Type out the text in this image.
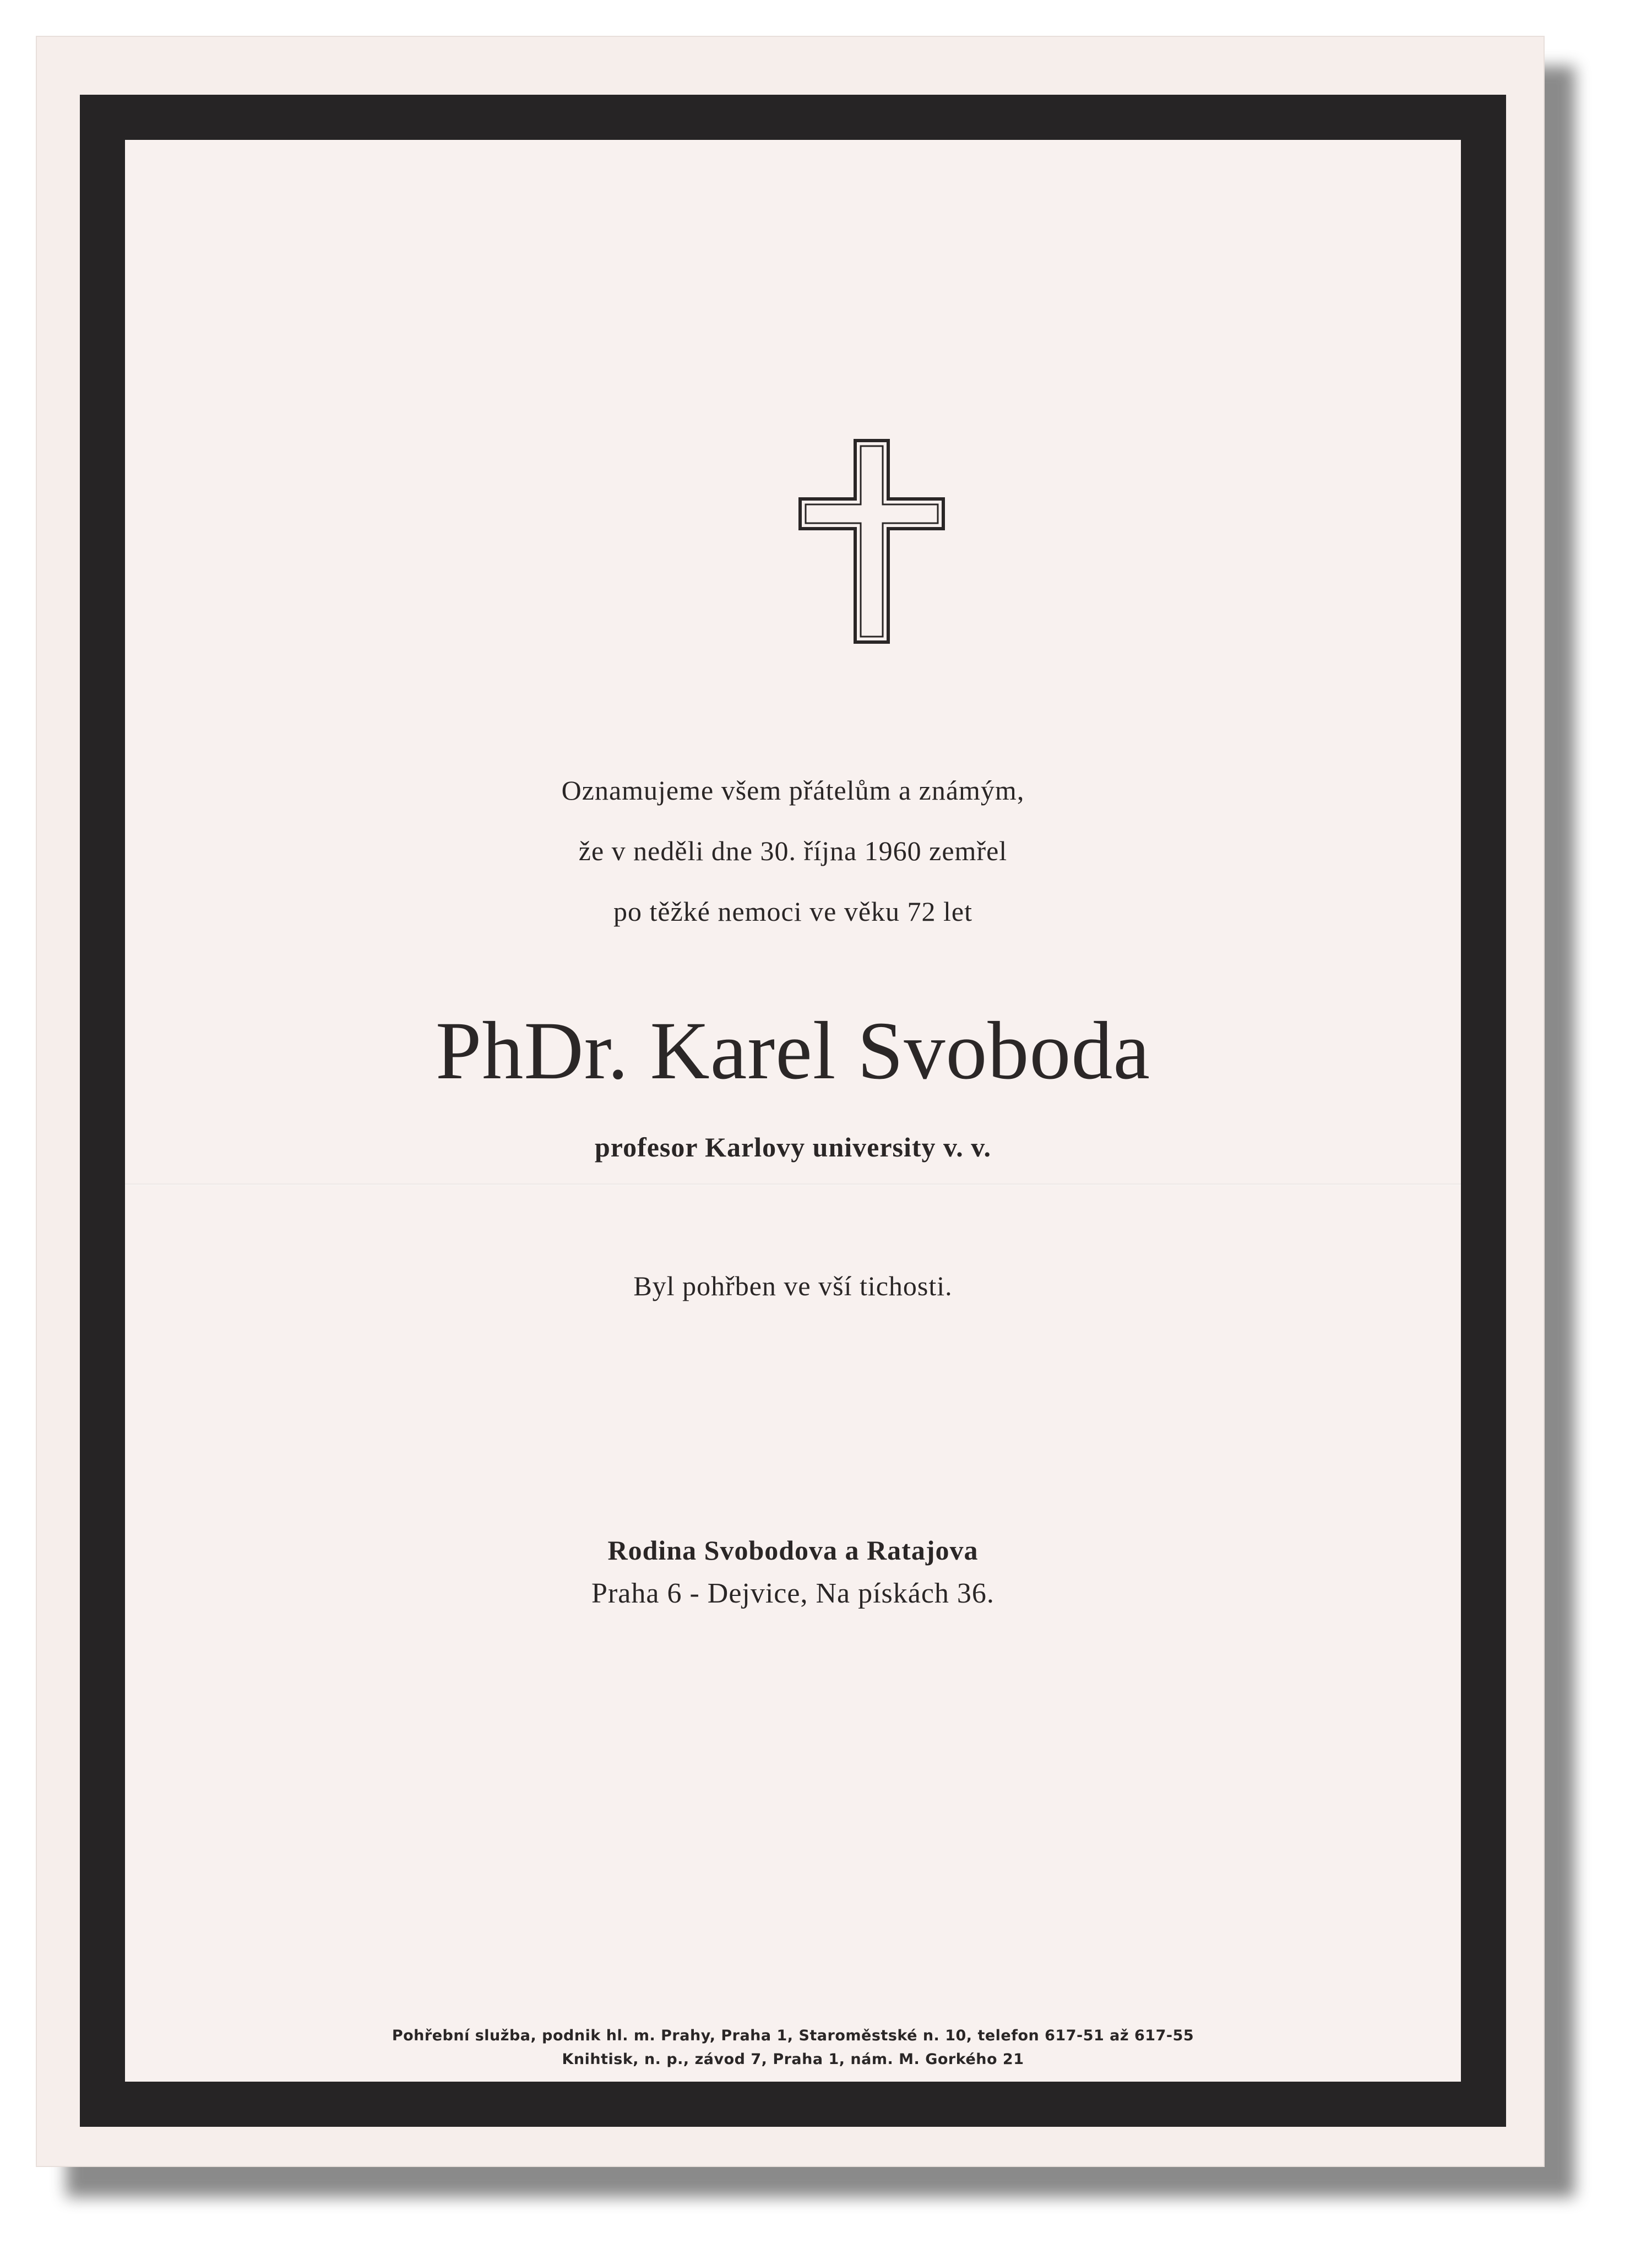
Oznamujeme všem přátelům a známým,
že v neděli dne 30. října 1960 zemřel
po těžké nemoci ve věku 72 let
PhDr. Karel Svoboda
profesor Karlovy university v. v.
Byl pohřben ve vší tichosti.
Rodina Svobodova a Ratajova
Praha 6 - Dejvice, Na pískách 36.
Pohřební služba, podnik hl. m. Prahy, Praha 1, Staroměstské n. 10, telefon 617-51 až 617-55
Knihtisk, n. p., závod 7, Praha 1, nám. M. Gorkého 21
